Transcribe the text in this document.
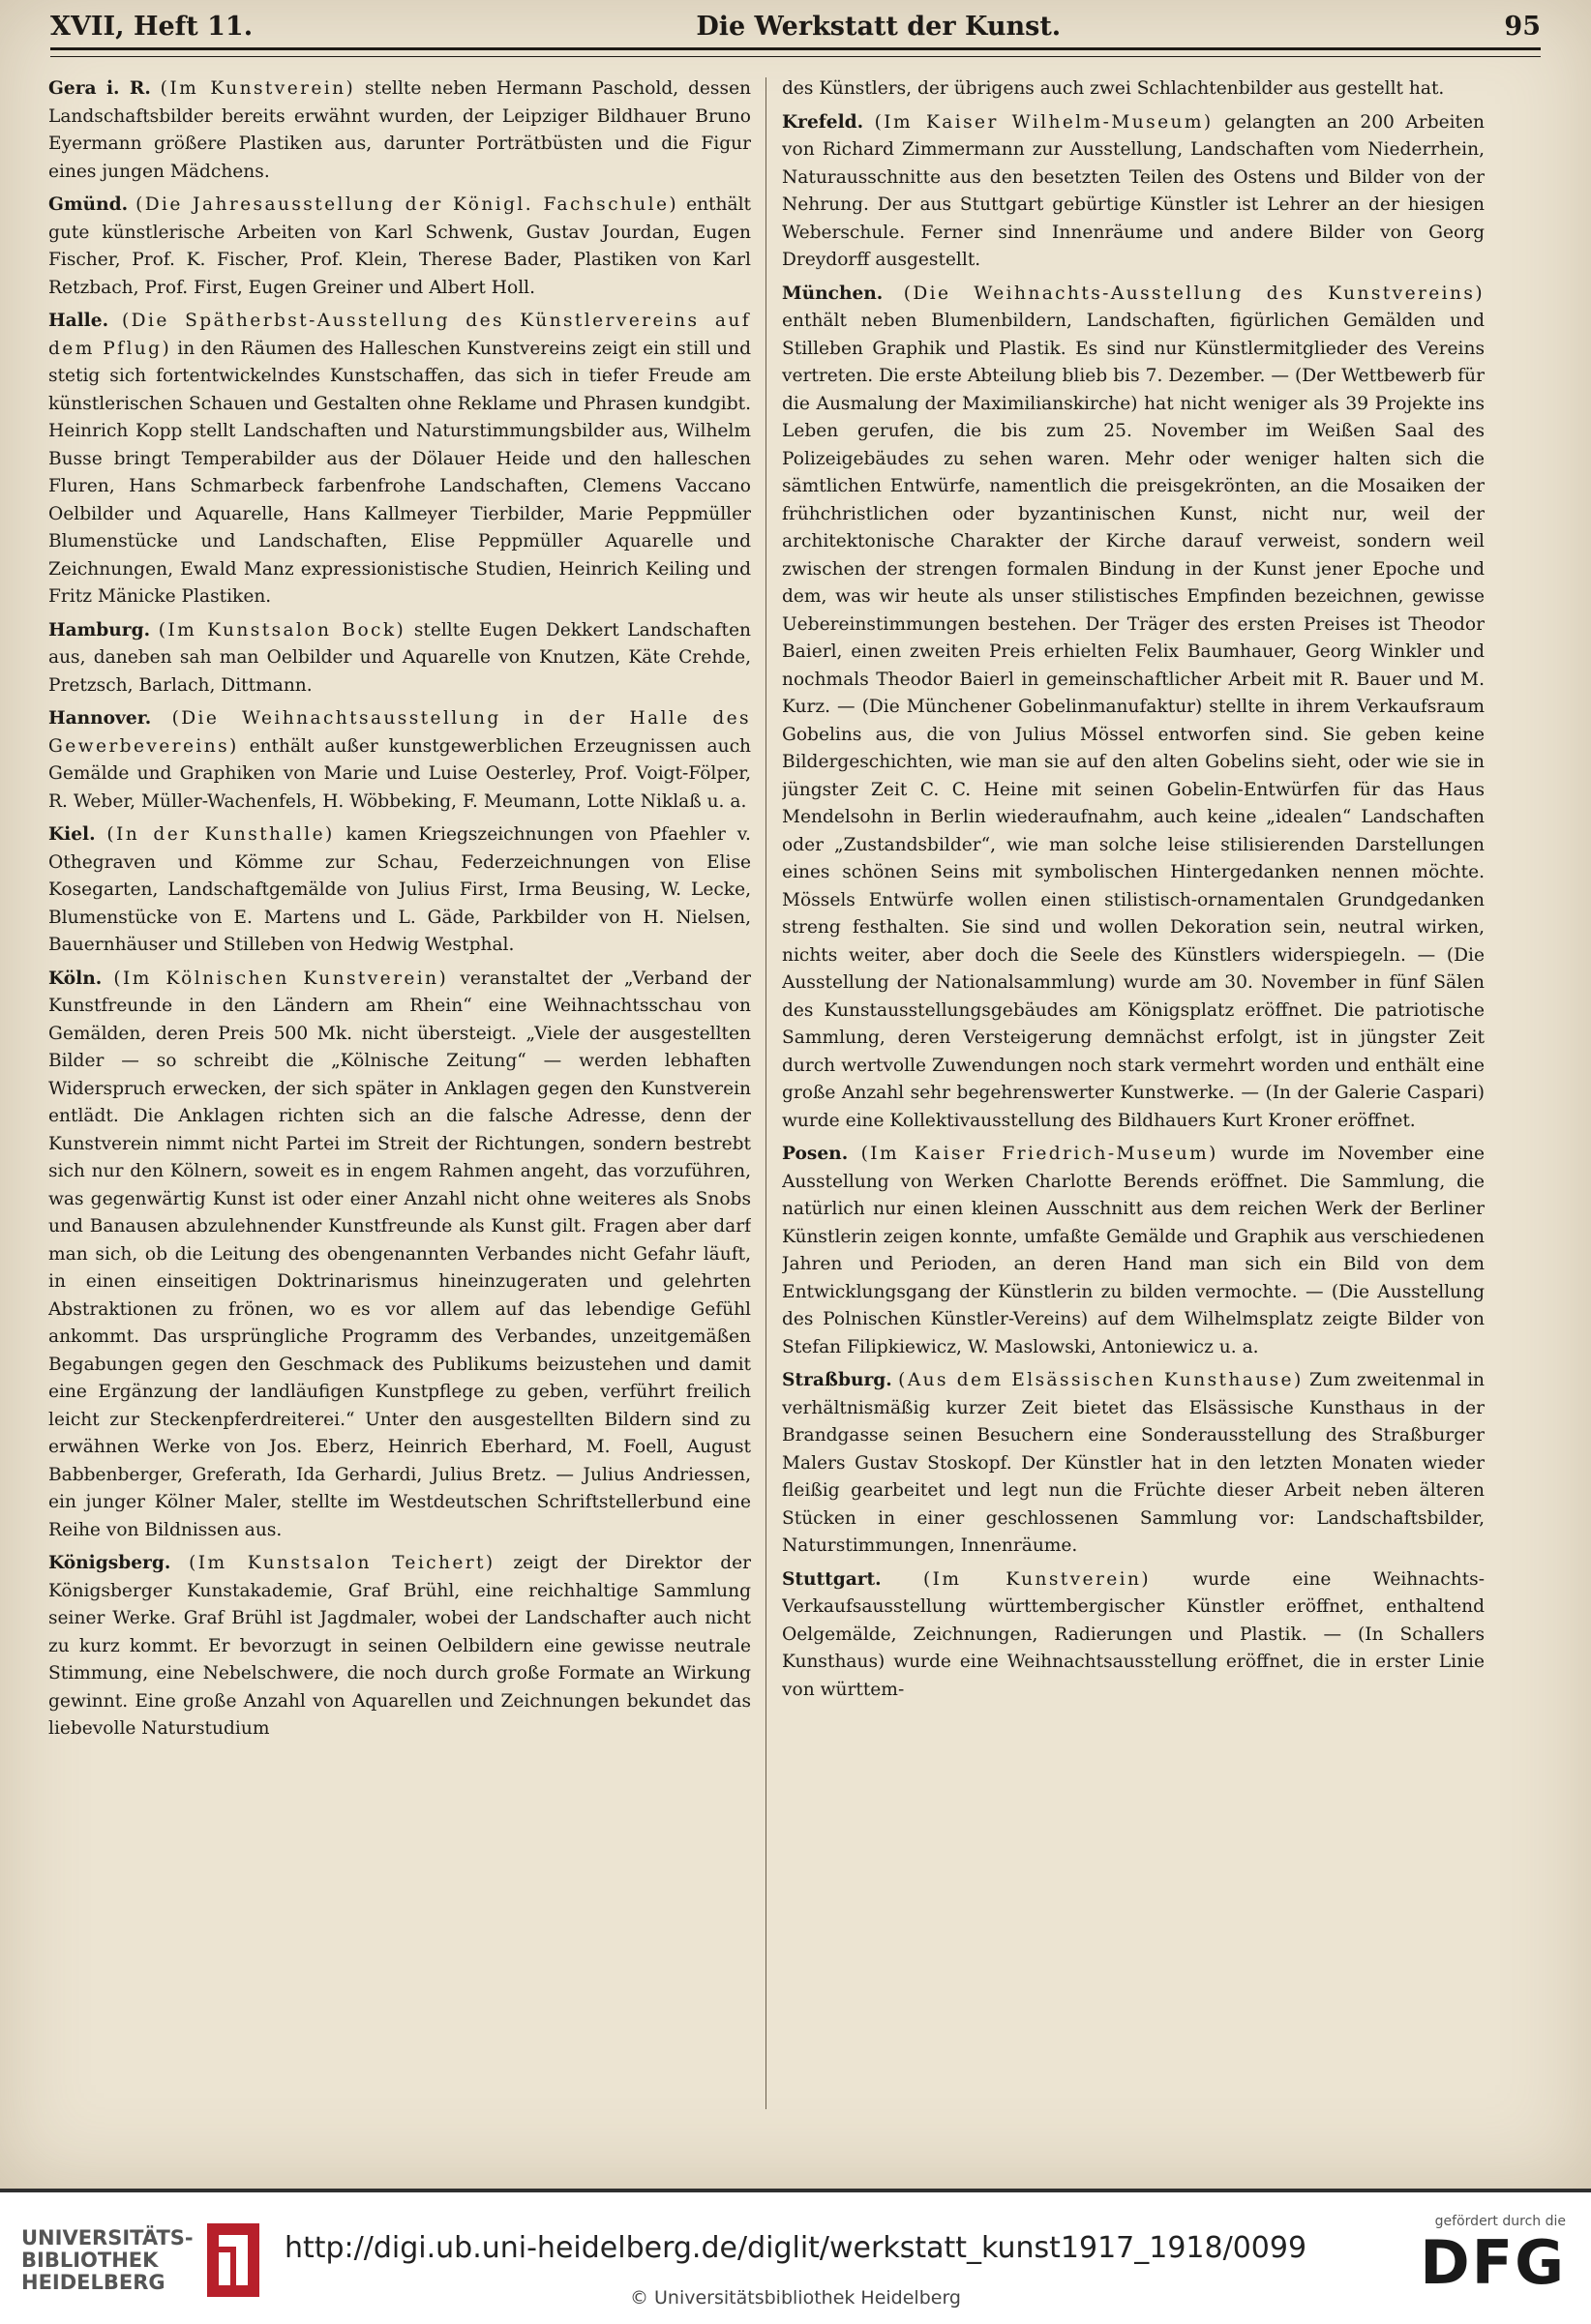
XVII, Heft 11.	Die Werkstatt der Kunst.	95

Gera i. R. (Im Kunstverein) stellte neben Hermann Paschold, dessen Landschaftsbilder bereits erwähnt wurden, der Leipziger Bildhauer Bruno Eyermann größere Plastiken aus, darunter Porträtbüsten und die Figur eines jungen Mädchens.

Gmünd. (Die Jahresausstellung der Königl. Fachschule) enthält gute künstlerische Arbeiten von Karl Schwenk, Gustav Jourdan, Eugen Fischer, Prof. K. Fischer, Prof. Klein, Therese Bader, Plastiken von Karl Retzbach, Prof. First, Eugen Greiner und Albert Holl.

Halle. (Die Spätherbst-Ausstellung des Künstlervereins auf dem Pflug) in den Räumen des Halleschen Kunstvereins zeigt ein still und stetig sich fortentwickelndes Kunstschaffen, das sich in tiefer Freude am künstlerischen Schauen und Gestalten ohne Reklame und Phrasen kundgibt. Heinrich Kopp stellt Landschaften und Naturstimmungsbilder aus, Wilhelm Busse bringt Temperabilder aus der Dölauer Heide und den halleschen Fluren, Hans Schmarbeck farbenfrohe Landschaften, Clemens Vaccano Oelbilder und Aquarelle, Hans Kallmeyer Tierbilder, Marie Peppmüller Blumenstücke und Landschaften, Elise Peppmüller Aquarelle und Zeichnungen, Ewald Manz expressionistische Studien, Heinrich Keiling und Fritz Mänicke Plastiken.

Hamburg. (Im Kunstsalon Bock) stellte Eugen Dekkert Landschaften aus, daneben sah man Oelbilder und Aquarelle von Knutzen, Käte Crehde, Pretzsch, Barlach, Dittmann.

Hannover. (Die Weihnachtsausstellung in der Halle des Gewerbevereins) enthält außer kunstgewerblichen Erzeugnissen auch Gemälde und Graphiken von Marie und Luise Oesterley, Prof. Voigt-Fölper, R. Weber, Müller-Wachenfels, H. Wöbbeking, F. Meumann, Lotte Niklaß u. a.

Kiel. (In der Kunsthalle) kamen Kriegszeichnungen von Pfaehler v. Othegraven und Kömme zur Schau, Federzeichnungen von Elise Kosegarten, Landschaftgemälde von Julius First, Irma Beusing, W. Lecke, Blumenstücke von E. Martens und L. Gäde, Parkbilder von H. Nielsen, Bauernhäuser und Stilleben von Hedwig Westphal.

Köln. (Im Kölnischen Kunstverein) veranstaltet der „Verband der Kunstfreunde in den Ländern am Rhein“ eine Weihnachtsschau von Gemälden, deren Preis 500 Mk. nicht übersteigt. „Viele der ausgestellten Bilder — so schreibt die „Kölnische Zeitung“ — werden lebhaften Widerspruch erwecken, der sich später in Anklagen gegen den Kunstverein entlädt. Die Anklagen richten sich an die falsche Adresse, denn der Kunstverein nimmt nicht Partei im Streit der Richtungen, sondern bestrebt sich nur den Kölnern, soweit es in engem Rahmen angeht, das vorzuführen, was gegenwärtig Kunst ist oder einer Anzahl nicht ohne weiteres als Snobs und Banausen abzulehnender Kunstfreunde als Kunst gilt. Fragen aber darf man sich, ob die Leitung des obengenannten Verbandes nicht Gefahr läuft, in einen einseitigen Doktrinarismus hineinzugeraten und gelehrten Abstraktionen zu frönen, wo es vor allem auf das lebendige Gefühl ankommt. Das ursprüngliche Programm des Verbandes, unzeitgemäßen Begabungen gegen den Geschmack des Publikums beizustehen und damit eine Ergänzung der landläufigen Kunstpflege zu geben, verführt freilich leicht zur Steckenpferdreiterei.“ Unter den ausgestellten Bildern sind zu erwähnen Werke von Jos. Eberz, Heinrich Eberhard, M. Foell, August Babbenberger, Greferath, Ida Gerhardi, Julius Bretz. — Julius Andriessen, ein junger Kölner Maler, stellte im Westdeutschen Schriftstellerbund eine Reihe von Bildnissen aus.

Königsberg. (Im Kunstsalon Teichert) zeigt der Direktor der Königsberger Kunstakademie, Graf Brühl, eine reichhaltige Sammlung seiner Werke. Graf Brühl ist Jagdmaler, wobei der Landschafter auch nicht zu kurz kommt. Er bevorzugt in seinen Oelbildern eine gewisse neutrale Stimmung, eine Nebelschwere, die noch durch große Formate an Wirkung gewinnt. Eine große Anzahl von Aquarellen und Zeichnungen bekundet das liebevolle Naturstudium

des Künstlers, der übrigens auch zwei Schlachtenbilder aus gestellt hat.

Krefeld. (Im Kaiser Wilhelm-Museum) gelangten an 200 Arbeiten von Richard Zimmermann zur Ausstellung, Landschaften vom Niederrhein, Naturausschnitte aus den besetzten Teilen des Ostens und Bilder von der Nehrung. Der aus Stuttgart gebürtige Künstler ist Lehrer an der hiesigen Weberschule. Ferner sind Innenräume und andere Bilder von Georg Dreydorff ausgestellt.

München. (Die Weihnachts-Ausstellung des Kunstvereins) enthält neben Blumenbildern, Landschaften, figürlichen Gemälden und Stilleben Graphik und Plastik. Es sind nur Künstlermitglieder des Vereins vertreten. Die erste Abteilung blieb bis 7. Dezember. — (Der Wettbewerb für die Ausmalung der Maximilianskirche) hat nicht weniger als 39 Projekte ins Leben gerufen, die bis zum 25. November im Weißen Saal des Polizeigebäudes zu sehen waren. Mehr oder weniger halten sich die sämtlichen Entwürfe, namentlich die preisgekrönten, an die Mosaiken der frühchristlichen oder byzantinischen Kunst, nicht nur, weil der architektonische Charakter der Kirche darauf verweist, sondern weil zwischen der strengen formalen Bindung in der Kunst jener Epoche und dem, was wir heute als unser stilistisches Empfinden bezeichnen, gewisse Uebereinstimmungen bestehen. Der Träger des ersten Preises ist Theodor Baierl, einen zweiten Preis erhielten Felix Baumhauer, Georg Winkler und nochmals Theodor Baierl in gemeinschaftlicher Arbeit mit R. Bauer und M. Kurz. — (Die Münchener Gobelinmanufaktur) stellte in ihrem Verkaufsraum Gobelins aus, die von Julius Mössel entworfen sind. Sie geben keine Bildergeschichten, wie man sie auf den alten Gobelins sieht, oder wie sie in jüngster Zeit C. C. Heine mit seinen Gobelin-Entwürfen für das Haus Mendelsohn in Berlin wiederaufnahm, auch keine „idealen“ Landschaften oder „Zustandsbilder“, wie man solche leise stilisierenden Darstellungen eines schönen Seins mit symbolischen Hintergedanken nennen möchte. Mössels Entwürfe wollen einen stilistisch-ornamentalen Grundgedanken streng festhalten. Sie sind und wollen Dekoration sein, neutral wirken, nichts weiter, aber doch die Seele des Künstlers widerspiegeln. — (Die Ausstellung der Nationalsammlung) wurde am 30. November in fünf Sälen des Kunstausstellungsgebäudes am Königsplatz eröffnet. Die patriotische Sammlung, deren Versteigerung demnächst erfolgt, ist in jüngster Zeit durch wertvolle Zuwendungen noch stark vermehrt worden und enthält eine große Anzahl sehr begehrenswerter Kunstwerke. — (In der Galerie Caspari) wurde eine Kollektivausstellung des Bildhauers Kurt Kroner eröffnet.

Posen. (Im Kaiser Friedrich-Museum) wurde im November eine Ausstellung von Werken Charlotte Berends eröffnet. Die Sammlung, die natürlich nur einen kleinen Ausschnitt aus dem reichen Werk der Berliner Künstlerin zeigen konnte, umfaßte Gemälde und Graphik aus verschiedenen Jahren und Perioden, an deren Hand man sich ein Bild von dem Entwicklungsgang der Künstlerin zu bilden vermochte. — (Die Ausstellung des Polnischen Künstler-Vereins) auf dem Wilhelmsplatz zeigte Bilder von Stefan Filipkiewicz, W. Maslowski, Antoniewicz u. a.

Straßburg. (Aus dem Elsässischen Kunsthause) Zum zweitenmal in verhältnismäßig kurzer Zeit bietet das Elsässische Kunsthaus in der Brandgasse seinen Besuchern eine Sonderausstellung des Straßburger Malers Gustav Stoskopf. Der Künstler hat in den letzten Monaten wieder fleißig gearbeitet und legt nun die Früchte dieser Arbeit neben älteren Stücken in einer geschlossenen Sammlung vor: Landschaftsbilder, Naturstimmungen, Innenräume.

Stuttgart. (Im Kunstverein) wurde eine Weihnachts-Verkaufsausstellung württembergischer Künstler eröffnet, enthaltend Oelgemälde, Zeichnungen, Radierungen und Plastik. — (In Schallers Kunsthaus) wurde eine Weihnachtsausstellung eröffnet, die in erster Linie von württem-

UNIVERSITÄTS-
BIBLIOTHEK
HEIDELBERG
http://digi.ub.uni-heidelberg.de/diglit/werkstatt_kunst1917_1918/0099
© Universitätsbibliothek Heidelberg
gefördert durch die
DFG
